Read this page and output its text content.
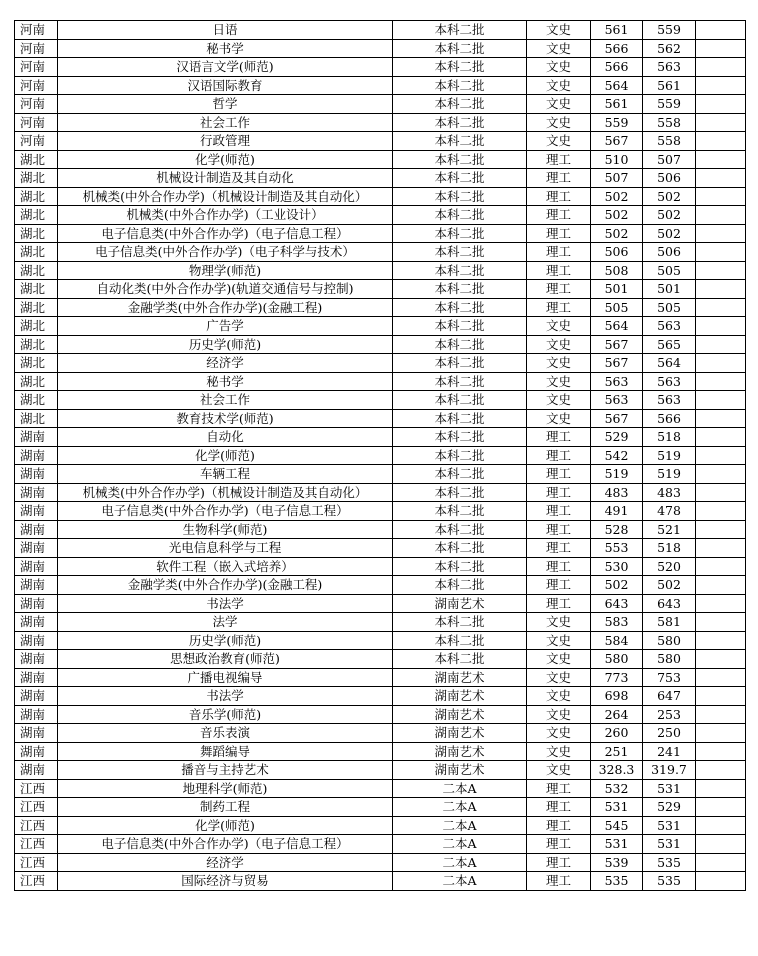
河南	日语	本科二批	文史	561	559	
河南	秘书学	本科二批	文史	566	562	
河南	汉语言文学(师范)	本科二批	文史	566	563	
河南	汉语国际教育	本科二批	文史	564	561	
河南	哲学	本科二批	文史	561	559	
河南	社会工作	本科二批	文史	559	558	
河南	行政管理	本科二批	文史	567	558	
湖北	化学(师范)	本科二批	理工	510	507	
湖北	机械设计制造及其自动化	本科二批	理工	507	506	
湖北	机械类(中外合作办学)（机械设计制造及其自动化）	本科二批	理工	502	502	
湖北	机械类(中外合作办学)（工业设计）	本科二批	理工	502	502	
湖北	电子信息类(中外合作办学)（电子信息工程）	本科二批	理工	502	502	
湖北	电子信息类(中外合作办学)（电子科学与技术）	本科二批	理工	506	506	
湖北	物理学(师范)	本科二批	理工	508	505	
湖北	自动化类(中外合作办学)(轨道交通信号与控制)	本科二批	理工	501	501	
湖北	金融学类(中外合作办学)(金融工程)	本科二批	理工	505	505	
湖北	广告学	本科二批	文史	564	563	
湖北	历史学(师范)	本科二批	文史	567	565	
湖北	经济学	本科二批	文史	567	564	
湖北	秘书学	本科二批	文史	563	563	
湖北	社会工作	本科二批	文史	563	563	
湖北	教育技术学(师范)	本科二批	文史	567	566	
湖南	自动化	本科二批	理工	529	518	
湖南	化学(师范)	本科二批	理工	542	519	
湖南	车辆工程	本科二批	理工	519	519	
湖南	机械类(中外合作办学)（机械设计制造及其自动化）	本科二批	理工	483	483	
湖南	电子信息类(中外合作办学)（电子信息工程）	本科二批	理工	491	478	
湖南	生物科学(师范)	本科二批	理工	528	521	
湖南	光电信息科学与工程	本科二批	理工	553	518	
湖南	软件工程（嵌入式培养）	本科二批	理工	530	520	
湖南	金融学类(中外合作办学)(金融工程)	本科二批	理工	502	502	
湖南	书法学	湖南艺术	理工	643	643	
湖南	法学	本科二批	文史	583	581	
湖南	历史学(师范)	本科二批	文史	584	580	
湖南	思想政治教育(师范)	本科二批	文史	580	580	
湖南	广播电视编导	湖南艺术	文史	773	753	
湖南	书法学	湖南艺术	文史	698	647	
湖南	音乐学(师范)	湖南艺术	文史	264	253	
湖南	音乐表演	湖南艺术	文史	260	250	
湖南	舞蹈编导	湖南艺术	文史	251	241	
湖南	播音与主持艺术	湖南艺术	文史	328.3	319.7	
江西	地理科学(师范)	二本A	理工	532	531	
江西	制药工程	二本A	理工	531	529	
江西	化学(师范)	二本A	理工	545	531	
江西	电子信息类(中外合作办学)（电子信息工程）	二本A	理工	531	531	
江西	经济学	二本A	理工	539	535	
江西	国际经济与贸易	二本A	理工	535	535	
